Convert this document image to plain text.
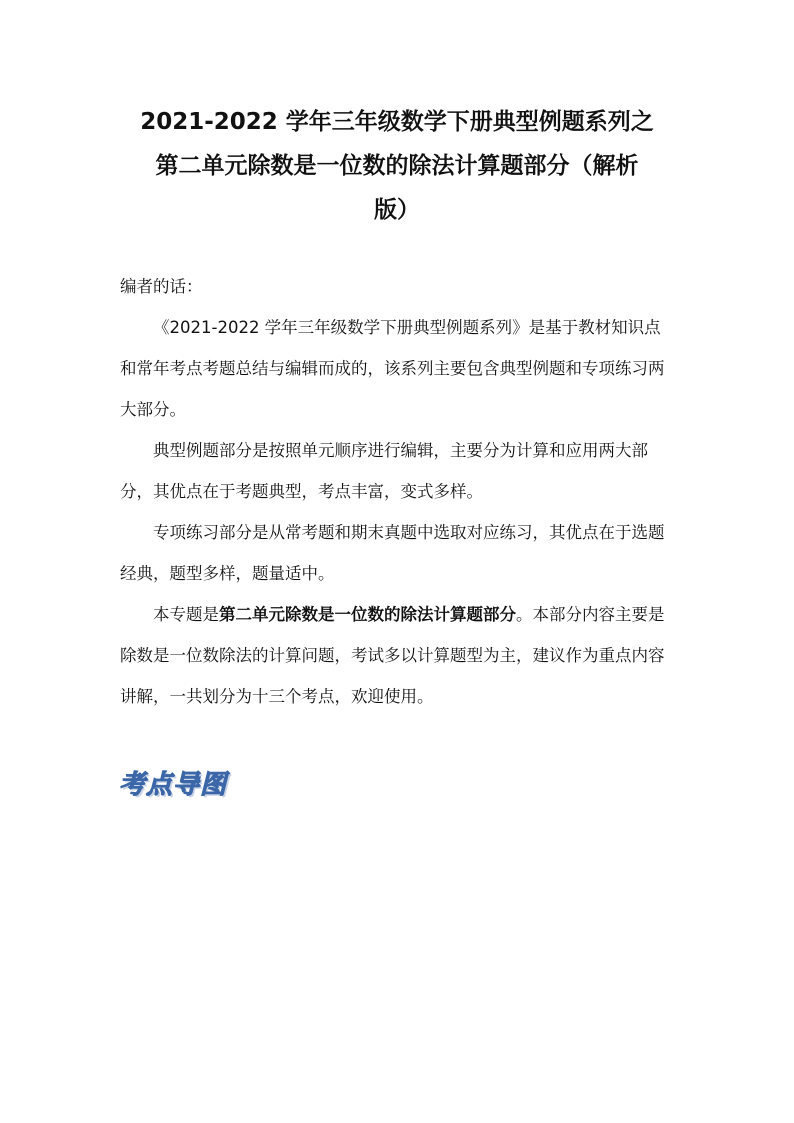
2021-2022 学年三年级数学下册典型例题系列之
第二单元除数是一位数的除法计算题部分（解析
版）

编者的话：

《2021-2022 学年三年级数学下册典型例题系列》是基于教材知识点和常年考点考题总结与编辑而成的，该系列主要包含典型例题和专项练习两大部分。

典型例题部分是按照单元顺序进行编辑，主要分为计算和应用两大部分，其优点在于考题典型，考点丰富，变式多样。

专项练习部分是从常考题和期末真题中选取对应练习，其优点在于选题经典，题型多样，题量适中。

本专题是第二单元除数是一位数的除法计算题部分。本部分内容主要是除数是一位数除法的计算问题，考试多以计算题型为主，建议作为重点内容讲解，一共划分为十三个考点，欢迎使用。

考点导图
